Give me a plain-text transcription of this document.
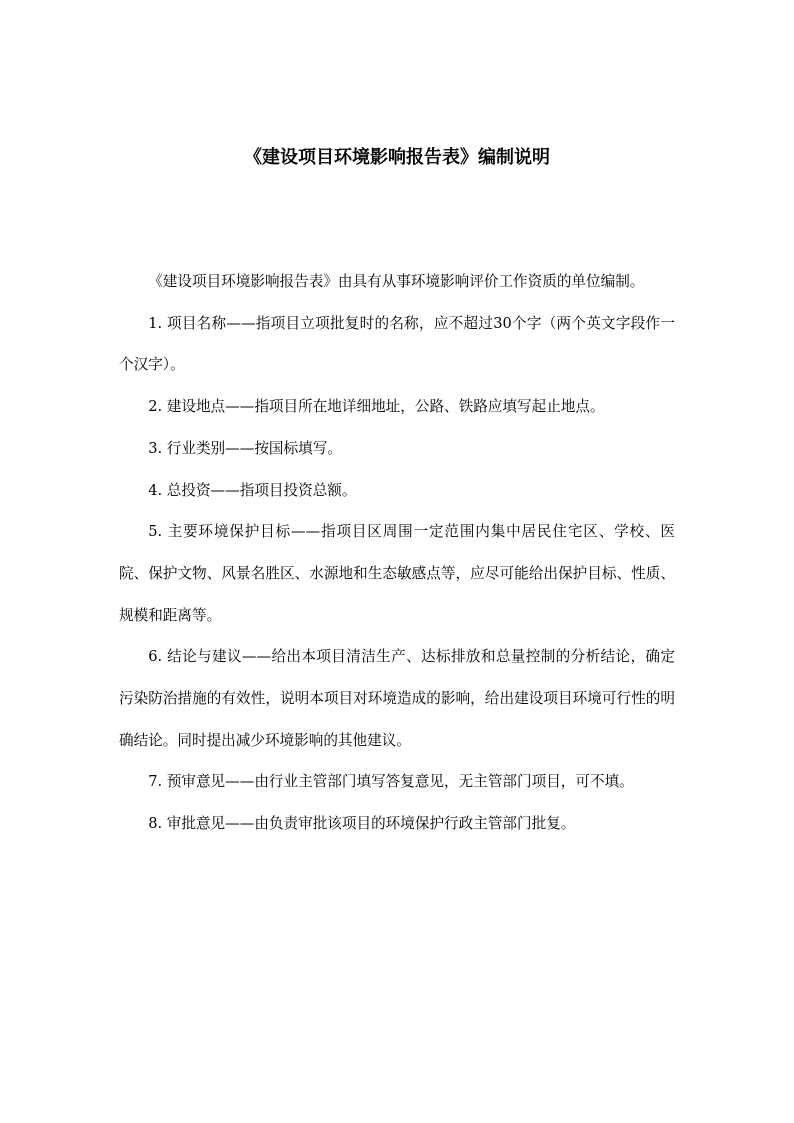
《建设项目环境影响报告表》编制说明

《建设项目环境影响报告表》由具有从事环境影响评价工作资质的单位编制。

1. 项目名称——指项目立项批复时的名称，应不超过30个字（两个英文字段作一个汉字）。

2. 建设地点——指项目所在地详细地址，公路、铁路应填写起止地点。

3. 行业类别——按国标填写。

4. 总投资——指项目投资总额。

5. 主要环境保护目标——指项目区周围一定范围内集中居民住宅区、学校、医院、保护文物、风景名胜区、水源地和生态敏感点等，应尽可能给出保护目标、性质、规模和距离等。

6. 结论与建议——给出本项目清洁生产、达标排放和总量控制的分析结论，确定污染防治措施的有效性，说明本项目对环境造成的影响，给出建设项目环境可行性的明确结论。同时提出减少环境影响的其他建议。

7. 预审意见——由行业主管部门填写答复意见，无主管部门项目，可不填。

8. 审批意见——由负责审批该项目的环境保护行政主管部门批复。
